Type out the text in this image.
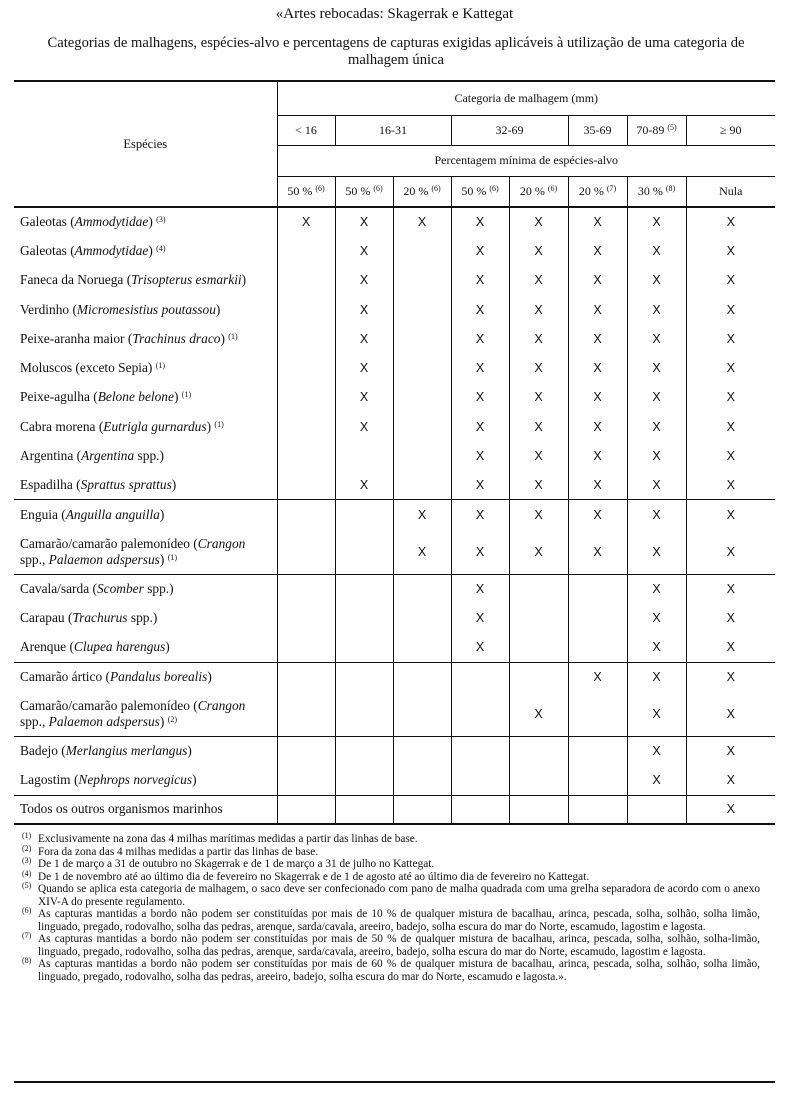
«Artes rebocadas: Skagerrak e Kattegat
Categorias de malhagens, espécies-alvo e percentagens de capturas exigidas aplicáveis à utilização de uma categoria de malhagem única
Espécies	Categoria de malhagem (mm)							
	< 16	16-31		32-69		35-69	70-89 $^{(5)}$	≥ 90
	Percentagem mínima de espécies-alvo							
	50 % $^{(6)}$	50 % $^{(6)}$	20 % $^{(6)}$	50 % $^{(6)}$	20 % $^{(6)}$	20 % $^{(7)}$	30 % $^{(8)}$	Nula
Galeotas (Ammodytidae) $^{(3)}$	X	X	X	X	X	X	X	X
Galeotas (Ammodytidae) $^{(4)}$		X		X	X	X	X	X
Faneca da Noruega (Trisopterus esmarkii)		X		X	X	X	X	X
Verdinho (Micromesistius poutassou)		X		X	X	X	X	X
Peixe-aranha maior (Trachinus draco) $^{(1)}$		X		X	X	X	X	X
Moluscos (exceto Sepia) $^{(1)}$		X		X	X	X	X	X
Peixe-agulha (Belone belone) $^{(1)}$		X		X	X	X	X	X
Cabra morena (Eutrigla gurnardus) $^{(1)}$		X		X	X	X	X	X
Argentina (Argentina spp.)				X	X	X	X	X
Espadilha (Sprattus sprattus)		X		X	X	X	X	X
Enguia (Anguilla anguilla)			X	X	X	X	X	X
Camarão/camarão palemonídeo (Crangon
spp., Palaemon adspersus) $^{(1)}$			X	X	X	X	X	X
Cavala/sarda (Scomber spp.)				X			X	X
Carapau (Trachurus spp.)				X			X	X
Arenque (Clupea harengus)				X			X	X
Camarão ártico (Pandalus borealis)						X	X	X
Camarão/camarão palemonídeo (Crangon
spp., Palaemon adspersus) $^{(2)}$					X		X	X
Badejo (Merlangius merlangus)							X	X
Lagostim (Nephrops norvegicus)							X	X
Todos os outros organismos marinhos								X
$^{(1)}$ Exclusivamente na zona das 4 milhas marítimas medidas a partir das linhas de base.
$^{(2)}$ Fora da zona das 4 milhas medidas a partir das linhas de base.
$^{(3)}$ De 1 de março a 31 de outubro no Skagerrak e de 1 de março a 31 de julho no Kattegat.
$^{(4)}$ De 1 de novembro até ao último dia de fevereiro no Skagerrak e de 1 de agosto até ao último dia de fevereiro no Kattegat.
$^{(5)}$ Quando se aplica esta categoria de malhagem, o saco deve ser confecionado com pano de malha quadrada com uma grelha separadora de acordo com o anexo XIV-A do presente regulamento.
$^{(6)}$ As capturas mantidas a bordo não podem ser constituídas por mais de 10 % de qualquer mistura de bacalhau, arinca, pescada, solha, solhão, solha limão, linguado, pregado, rodovalho, solha das pedras, arenque, sarda/cavala, areeiro, badejo, solha escura do mar do Norte, escamudo, lagostim e lagosta.
$^{(7)}$ As capturas mantidas a bordo não podem ser constituídas por mais de 50 % de qualquer mistura de bacalhau, arinca, pescada, solha, solhão, solha-limão, linguado, pregado, rodovalho, solha das pedras, arenque, sarda/cavala, areeiro, badejo, solha escura do mar do Norte, escamudo, lagostim e lagosta.
$^{(8)}$ As capturas mantidas a bordo não podem ser constituídas por mais de 60 % de qualquer mistura de bacalhau, arinca, pescada, solha, solhão, solha limão, linguado, pregado, rodovalho, solha das pedras, areeiro, badejo, solha escura do mar do Norte, escamudo e lagosta.».
